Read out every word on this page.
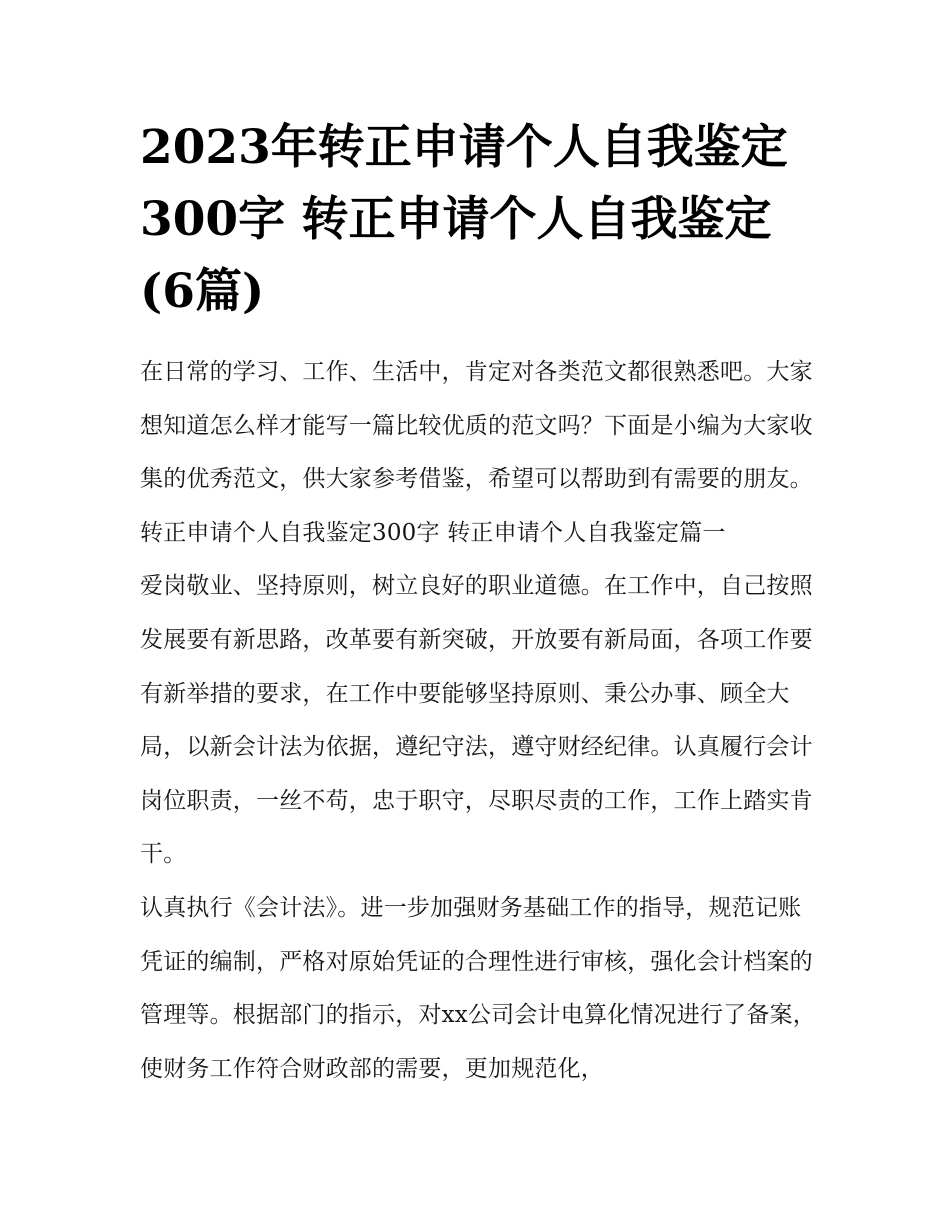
2023年转正申请个人自我鉴定300字 转正申请个人自我鉴定(6篇)

在日常的学习、工作、生活中，肯定对各类范文都很熟悉吧。大家想知道怎么样才能写一篇比较优质的范文吗？下面是小编为大家收集的优秀范文，供大家参考借鉴，希望可以帮助到有需要的朋友。

转正申请个人自我鉴定300字 转正申请个人自我鉴定篇一

爱岗敬业、坚持原则，树立良好的职业道德。在工作中，自己按照发展要有新思路，改革要有新突破，开放要有新局面，各项工作要有新举措的要求，在工作中要能够坚持原则、秉公办事、顾全大局，以新会计法为依据，遵纪守法，遵守财经纪律。认真履行会计岗位职责，一丝不苟，忠于职守，尽职尽责的工作，工作上踏实肯干。

认真执行《会计法》。进一步加强财务基础工作的指导，规范记账凭证的编制，严格对原始凭证的合理性进行审核，强化会计档案的管理等。根据部门的指示，对xx公司会计电算化情况进行了备案，使财务工作符合财政部的需要，更加规范化，
